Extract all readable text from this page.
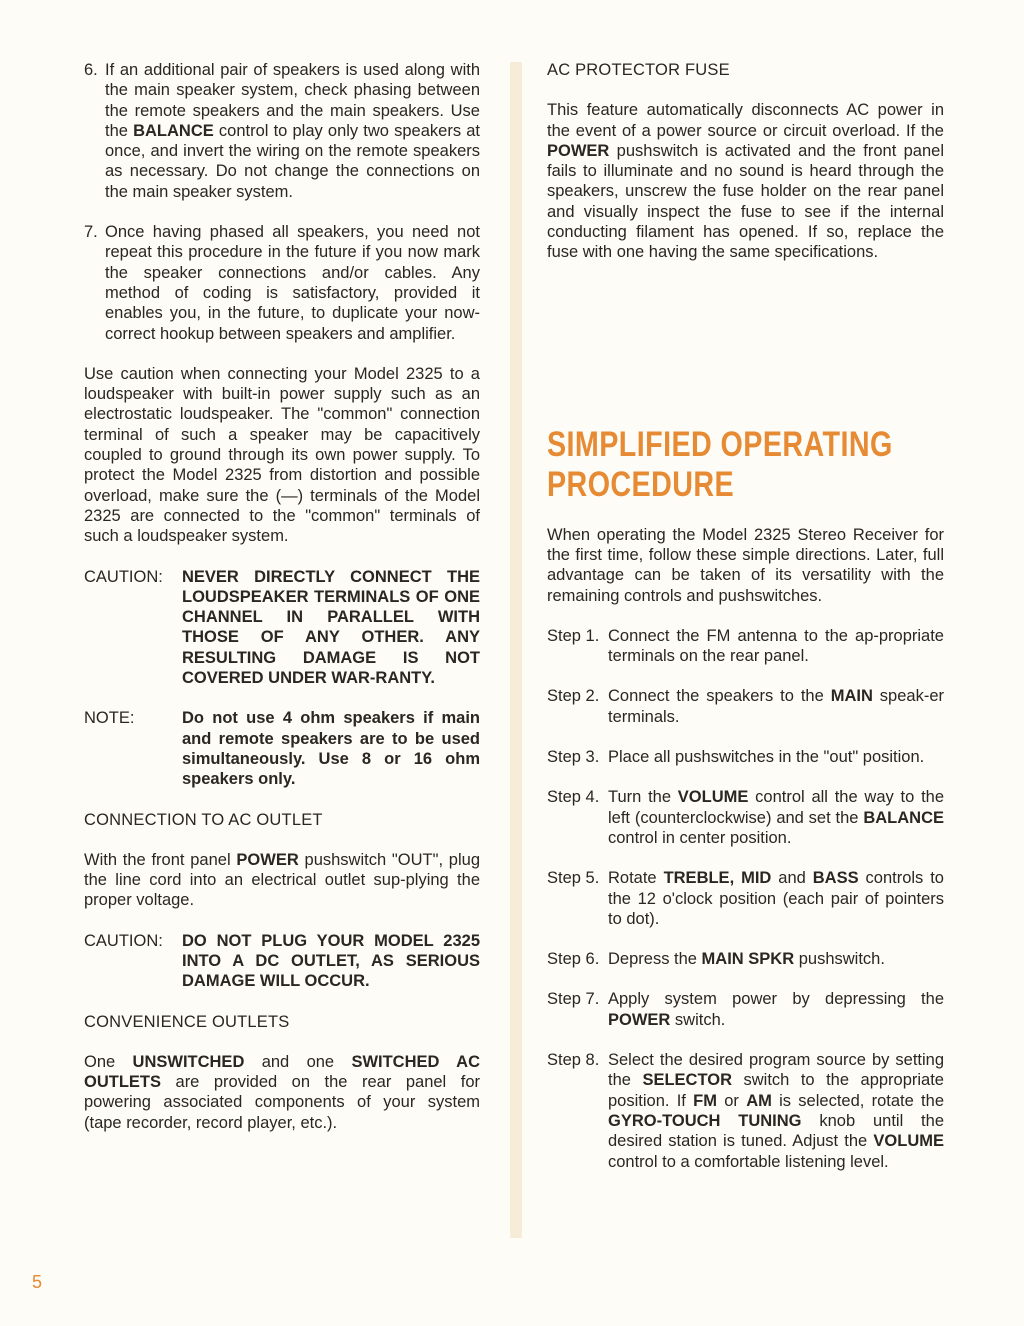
6. If an additional pair of speakers is used along with the main speaker system, check phasing between the remote speakers and the main speakers. Use the BALANCE control to play only two speakers at once, and invert the wiring on the remote speakers as necessary. Do not change the connections on the main speaker system.

7. Once having phased all speakers, you need not repeat this procedure in the future if you now mark the speaker connections and/or cables. Any method of coding is satisfactory, provided it enables you, in the future, to duplicate your now-correct hookup between speakers and amplifier.

Use caution when connecting your Model 2325 to a loudspeaker with built-in power supply such as an electrostatic loudspeaker. The "common" connection terminal of such a speaker may be capacitively coupled to ground through its own power supply. To protect the Model 2325 from distortion and possible overload, make sure the (—) terminals of the Model 2325 are connected to the "common" terminals of such a loudspeaker system.

CAUTION:	NEVER DIRECTLY CONNECT THE LOUDSPEAKER TERMINALS OF ONE CHANNEL IN PARALLEL WITH THOSE OF ANY OTHER. ANY RESULTING DAMAGE IS NOT COVERED UNDER WAR-RANTY.

NOTE:	Do not use 4 ohm speakers if main and remote speakers are to be used simultaneously. Use 8 or 16 ohm speakers only.

CONNECTION TO AC OUTLET

With the front panel POWER pushswitch "OUT", plug the line cord into an electrical outlet sup-plying the proper voltage.

CAUTION:	DO NOT PLUG YOUR MODEL 2325 INTO A DC OUTLET, AS SERIOUS DAMAGE WILL OCCUR.

CONVENIENCE OUTLETS

One UNSWITCHED and one SWITCHED AC OUTLETS are provided on the rear panel for powering associated components of your system (tape recorder, record player, etc.).

AC PROTECTOR FUSE

This feature automatically disconnects AC power in the event of a power source or circuit overload. If the POWER pushswitch is activated and the front panel fails to illuminate and no sound is heard through the speakers, unscrew the fuse holder on the rear panel and visually inspect the fuse to see if the internal conducting filament has opened. If so, replace the fuse with one having the same specifications.

SIMPLIFIED OPERATING
PROCEDURE

When operating the Model 2325 Stereo Receiver for the first time, follow these simple directions. Later, full advantage can be taken of its versatility with the remaining controls and pushswitches.

Step 1. Connect the FM antenna to the ap-propriate terminals on the rear panel.

Step 2. Connect the speakers to the MAIN speak-er terminals.

Step 3. Place all pushswitches in the "out" position.

Step 4. Turn the VOLUME control all the way to the left (counterclockwise) and set the BALANCE control in center position.

Step 5. Rotate TREBLE, MID and BASS controls to the 12 o'clock position (each pair of pointers to dot).

Step 6. Depress the MAIN SPKR pushswitch.

Step 7. Apply system power by depressing the POWER switch.

Step 8. Select the desired program source by setting the SELECTOR switch to the appropriate position. If FM or AM is selected, rotate the GYRO-TOUCH TUNING knob until the desired station is tuned. Adjust the VOLUME control to a comfortable listening level.

5
